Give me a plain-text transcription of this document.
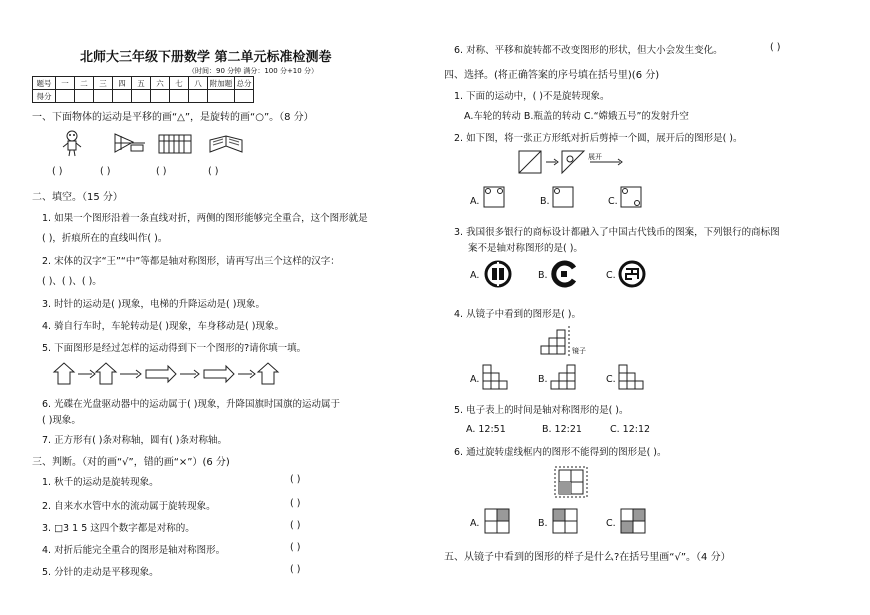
北师大三年级下册数学 第二单元标准检测卷
（时间：90 分钟 满分：100 分+10 分）
题号	一	二	三	四	五	六	七	八	附加题	总分
得分										
一、下面物体的运动是平移的画“△”，是旋转的画“○”。（8 分）
( )	( )	( )	( )
二、填空。（15 分）
1. 如果一个图形沿着一条直线对折，两侧的图形能够完全重合，这个图形就是
( )，折痕所在的直线叫作( )。
2. 宋体的汉字“王”“中”等都是轴对称图形，请再写出三个这样的汉字：
( )、( )、( )。
3. 时针的运动是( )现象，电梯的升降运动是( )现象。
4. 骑自行车时，车轮转动是( )现象，车身移动是( )现象。
5. 下面图形是经过怎样的运动得到下一个图形的?请你填一填。
6. 光碟在光盘驱动器中的运动属于( )现象，升降国旗时国旗的运动属于
( )现象。
7. 正方形有( )条对称轴，圆有( )条对称轴。
三、判断。（对的画“√”，错的画“×”）(6 分)
1. 秋千的运动是旋转现象。	( )
2. 自来水水管中水的流动属于旋转现象。	( )
3. □3 1 5 这四个数字都是对称的。	( )
4. 对折后能完全重合的图形是轴对称图形。	( )
5. 分针的走动是平移现象。	( )
6. 对称、平移和旋转都不改变图形的形状，但大小会发生变化。	( )
四、选择。(将正确答案的序号填在括号里)(6 分)
1. 下面的运动中，( )不是旋转现象。
A.车轮的转动 B.瓶盖的转动 C.“嫦娥五号”的发射升空
2. 如下图，将一张正方形纸对折后剪掉一个圆，展开后的图形是( )。
展开
A.	B.	C.
3. 我国很多银行的商标设计都融入了中国古代钱币的图案，下列银行的商标图
案不是轴对称图形的是( )。
A.	B.	C.
4. 从镜子中看到的图形是( )。
镜子
A.	B.	C.
5. 电子表上的时间是轴对称图形的是( )。
A. 12:51	B. 12:21	C. 12:12
6. 通过旋转虚线框内的图形不能得到的图形是( )。
A.	B.	C.
五、从镜子中看到的图形的样子是什么?在括号里画“√”。（4 分）
